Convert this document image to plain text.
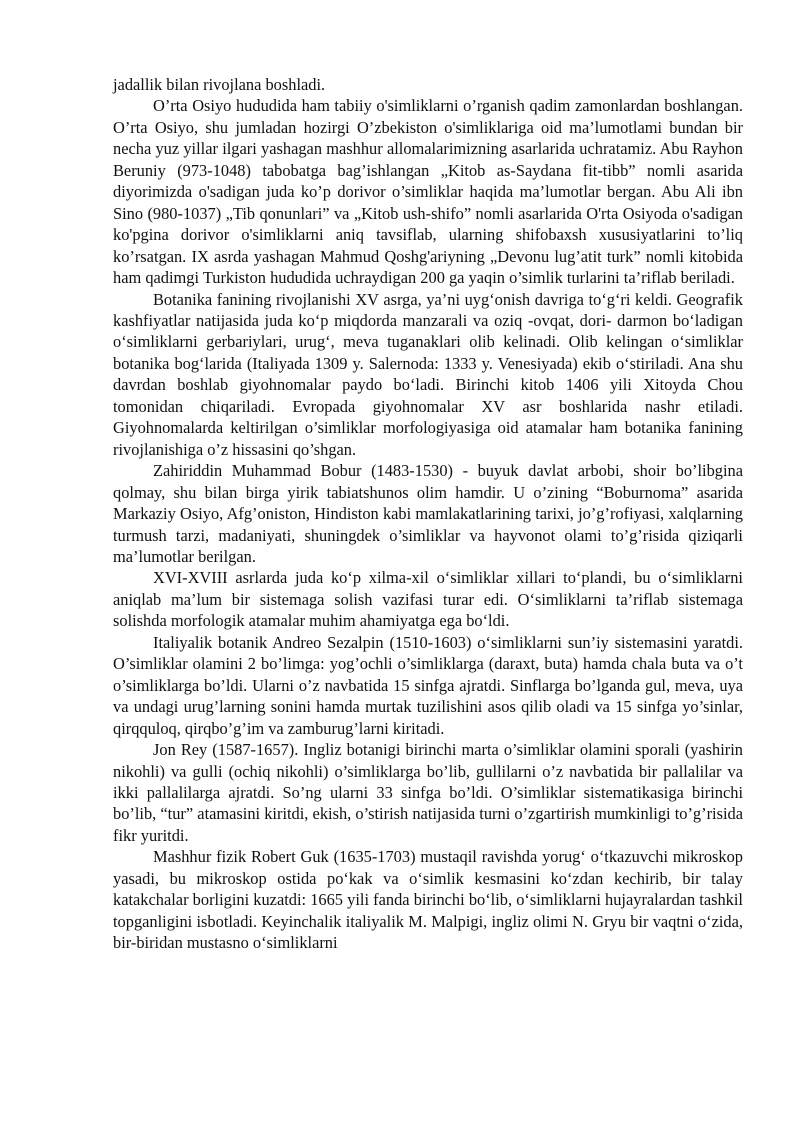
jadallik bilan rivojlana boshladi.

O’rta Osiyo hududida ham tabiiy o'simliklarni o’rganish qadim zamonlardan boshlangan. O’rta Osiyo, shu jumladan hozirgi O’zbekiston o'simliklariga oid ma’lumotlami bundan bir necha yuz yillar ilgari yashagan mashhur allomalarimizning asarlarida uchratamiz. Abu Rayhon Beruniy (973-1048) tabobatga bag’ishlangan „Kitob as-Saydana fit-tibb” nomli asarida diyorimizda o'sadigan juda ko’p dorivor o’simliklar haqida ma’lumotlar bergan. Abu Ali ibn Sino (980-1037) „Tib qonunlari” va „Kitob ush-shifo” nomli asarlarida O'rta Osiyoda o'sadigan ko'pgina dorivor o'simliklarni aniq tavsiflab, ularning shifobaxsh xususiyatlarini to’liq ko’rsatgan. IX asrda yashagan Mahmud Qoshg'ariyning „Devonu lug’atit turk” nomli kitobida ham qadimgi Turkiston hududida uchraydigan 200 ga yaqin o’simlik turlarini ta’riflab beriladi.

Botanika fanining rivojlanishi XV asrga, ya’ni uyg‘onish davriga to‘g‘ri keldi. Geografik kashfiyatlar natijasida juda ko‘p miqdorda manzarali va oziq -ovqat, dori- darmon bo‘ladigan o‘simliklarni gerbariylari, urug‘, meva tuganaklari olib kelinadi. Olib kelingan o‘simliklar botanika bog‘larida (Italiyada 1309 y. Salernoda: 1333 y. Venesiyada) ekib o‘stiriladi. Ana shu davrdan boshlab giyohnomalar paydo bo‘ladi. Birinchi kitob 1406 yili Xitoyda Chou tomonidan chiqariladi. Evropada giyohnomalar XV asr boshlarida nashr etiladi. Giyohnomalarda keltirilgan o’simliklar morfologiyasiga oid atamalar ham botanika fanining rivojlanishiga o’z hissasini qo’shgan.

Zahiriddin Muhammad Bobur (1483-1530) - buyuk davlat arbobi, shoir bo’libgina qolmay, shu bilan birga yirik tabiatshunos olim hamdir. U o’zining “Boburnoma” asarida Markaziy Osiyo, Afg’oniston, Hindiston kabi mamlakatlarining tarixi, jo’g’rofiyasi, xalqlarning turmush tarzi, madaniyati, shuningdek o’simliklar va hayvonot olami to’g’risida qiziqarli ma’lumotlar berilgan.

XVI-XVIII asrlarda juda ko‘p xilma-xil o‘simliklar xillari to‘plandi, bu o‘simliklarni aniqlab ma’lum bir sistemaga solish vazifasi turar edi. O‘simliklarni ta’riflab sistemaga solishda morfologik atamalar muhim ahamiyatga ega bo‘ldi.

Italiyalik botanik Andreo Sezalpin (1510-1603) o‘simliklarni sun’iy sistemasini yaratdi. O’simliklar olamini 2 bo’limga: yog’ochli o’simliklarga (daraxt, buta) hamda chala buta va o’t o’simliklarga bo’ldi. Ularni o’z navbatida 15 sinfga ajratdi. Sinflarga bo’lganda gul, meva, uya va undagi urug’larning sonini hamda murtak tuzilishini asos qilib oladi va 15 sinfga yo’sinlar, qirqquloq, qirqbo’g’im va zamburug’larni kiritadi.

Jon Rey (1587-1657). Ingliz botanigi birinchi marta o’simliklar olamini sporali (yashirin nikohli) va gulli (ochiq nikohli) o’simliklarga bo’lib, gullilarni o’z navbatida bir pallalilar va ikki pallalilarga ajratdi. So’ng ularni 33 sinfga bo’ldi. O’simliklar sistematikasiga birinchi bo’lib, “tur” atamasini kiritdi, ekish, o’stirish natijasida turni o’zgartirish mumkinligi to’g’risida fikr yuritdi.

Mashhur fizik Robert Guk (1635-1703) mustaqil ravishda yorug‘ o‘tkazuvchi mikroskop yasadi, bu mikroskop ostida po‘kak va o‘simlik kesmasini ko‘zdan kechirib, bir talay katakchalar borligini kuzatdi: 1665 yili fanda birinchi bo‘lib, o‘simliklarni hujayralardan tashkil topganligini isbotladi. Keyinchalik italiyalik M. Malpigi, ingliz olimi N. Gryu bir vaqtni o‘zida, bir-biridan mustasno o‘simliklarni
